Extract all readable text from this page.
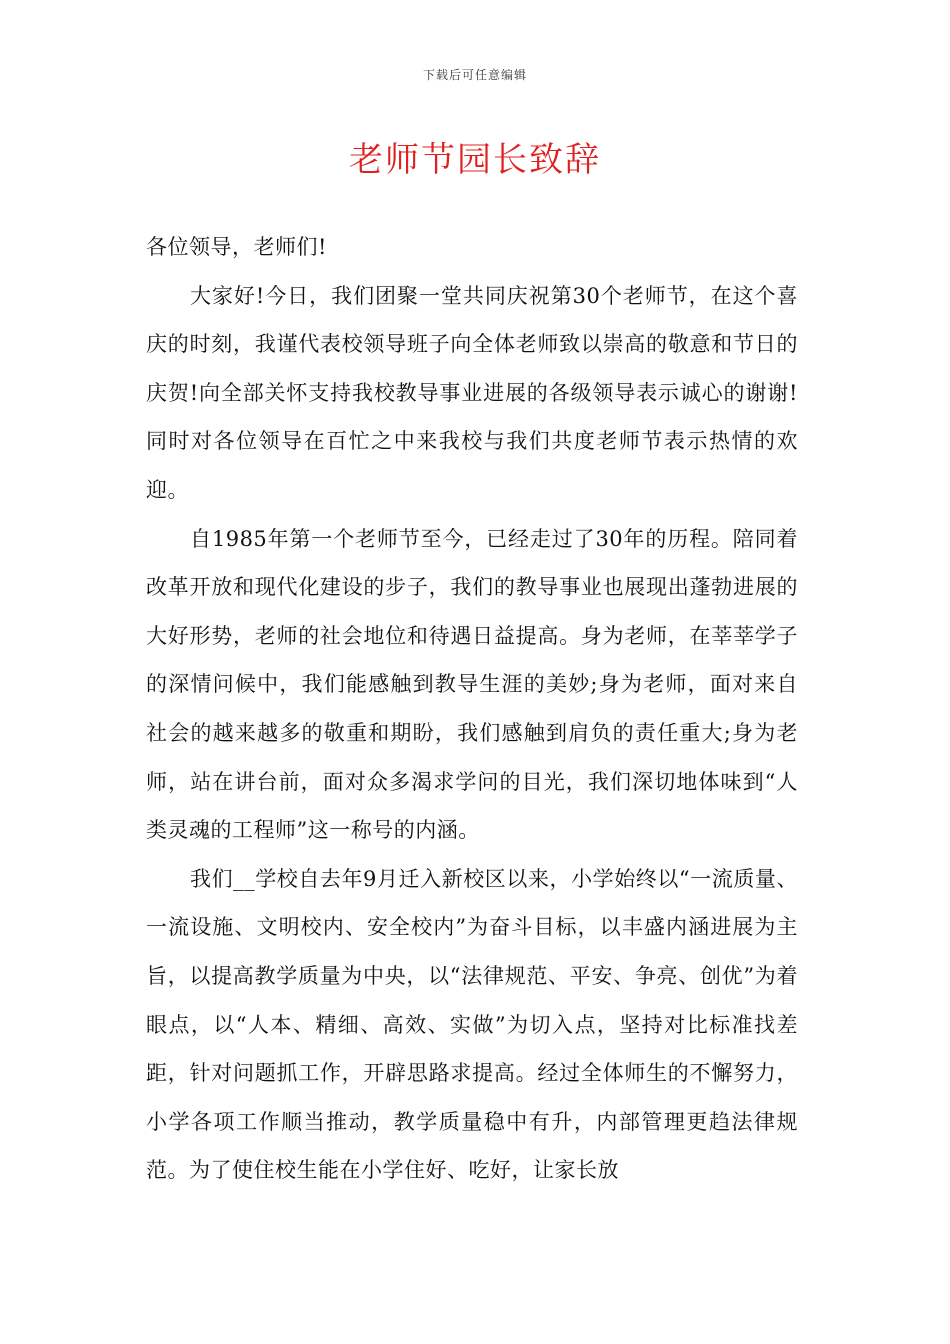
下载后可任意编辑
老师节园长致辞

各位领导，老师们!

大家好!今日，我们团聚一堂共同庆祝第30个老师节，在这个喜庆的时刻，我谨代表校领导班子向全体老师致以崇高的敬意和节日的庆贺!向全部关怀支持我校教导事业进展的各级领导表示诚心的谢谢!同时对各位领导在百忙之中来我校与我们共度老师节表示热情的欢迎。

自1985年第一个老师节至今，已经走过了30年的历程。陪同着改革开放和现代化建设的步子，我们的教导事业也展现出蓬勃进展的大好形势，老师的社会地位和待遇日益提高。身为老师，在莘莘学子的深情问候中，我们能感触到教导生涯的美妙;身为老师，面对来自社会的越来越多的敬重和期盼，我们感触到肩负的责任重大;身为老师，站在讲台前，面对众多渴求学问的目光，我们深切地体味到“人类灵魂的工程师”这一称号的内涵。

我们__学校自去年9月迁入新校区以来，小学始终以“一流质量、一流设施、文明校内、安全校内”为奋斗目标，以丰盛内涵进展为主旨，以提高教学质量为中央，以“法律规范、平安、争亮、创优”为着眼点，以“人本、精细、高效、实做”为切入点，坚持对比标准找差距，针对问题抓工作，开辟思路求提高。经过全体师生的不懈努力，小学各项工作顺当推动，教学质量稳中有升，内部管理更趋法律规范。为了使住校生能在小学住好、吃好，让家长放
